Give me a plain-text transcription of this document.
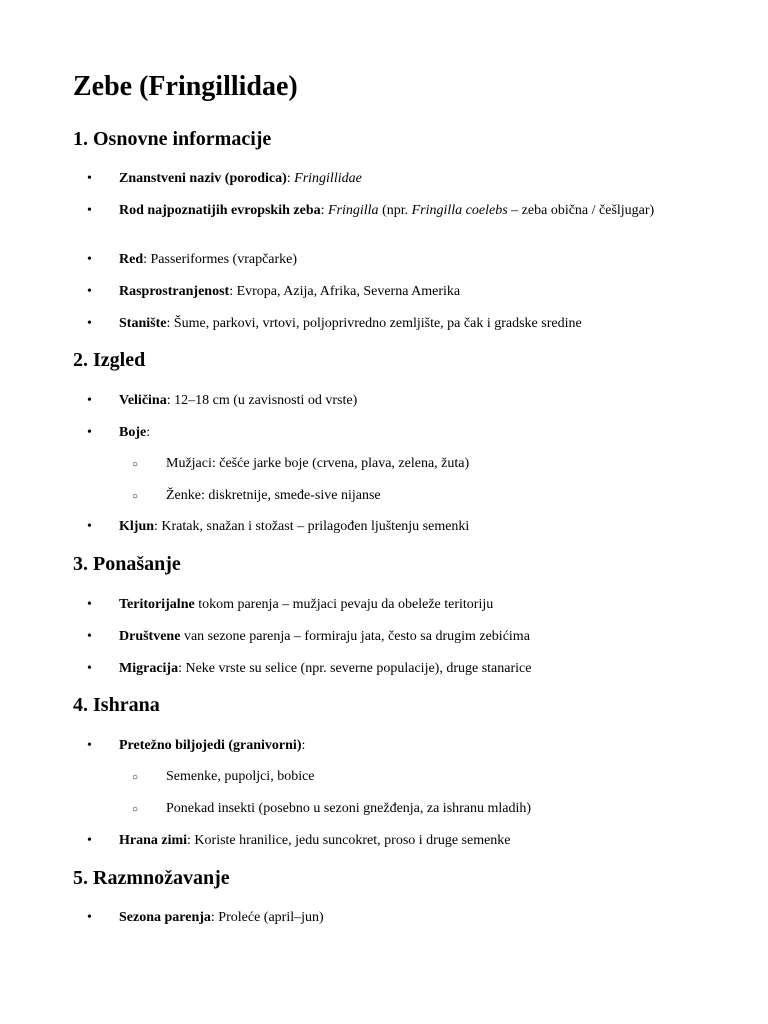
Zebe (Fringillidae)
1. Osnovne informacije
• Znanstveni naziv (porodica): Fringillidae
• Rod najpoznatijih evropskih zeba: Fringilla (npr. Fringilla coelebs – zeba obična / češljugar)
• Red: Passeriformes (vrapčarke)
• Rasprostranjenost: Evropa, Azija, Afrika, Severna Amerika
• Stanište: Šume, parkovi, vrtovi, poljoprivredno zemljište, pa čak i gradske sredine
2. Izgled
• Veličina: 12–18 cm (u zavisnosti od vrste)
• Boje:
○ Mužjaci: češće jarke boje (crvena, plava, zelena, žuta)
○ Ženke: diskretnije, smeđe-sive nijanse
• Kljun: Kratak, snažan i stožast – prilagođen ljuštenju semenki
3. Ponašanje
• Teritorijalne tokom parenja – mužjaci pevaju da obeleže teritoriju
• Društvene van sezone parenja – formiraju jata, često sa drugim zebićima
• Migracija: Neke vrste su selice (npr. severne populacije), druge stanarice
4. Ishrana
• Pretežno biljojedi (granivorni):
○ Semenke, pupoljci, bobice
○ Ponekad insekti (posebno u sezoni gnežđenja, za ishranu mladih)
• Hrana zimi: Koriste hranilice, jedu suncokret, proso i druge semenke
5. Razmnožavanje
• Sezona parenja: Proleće (april–jun)
